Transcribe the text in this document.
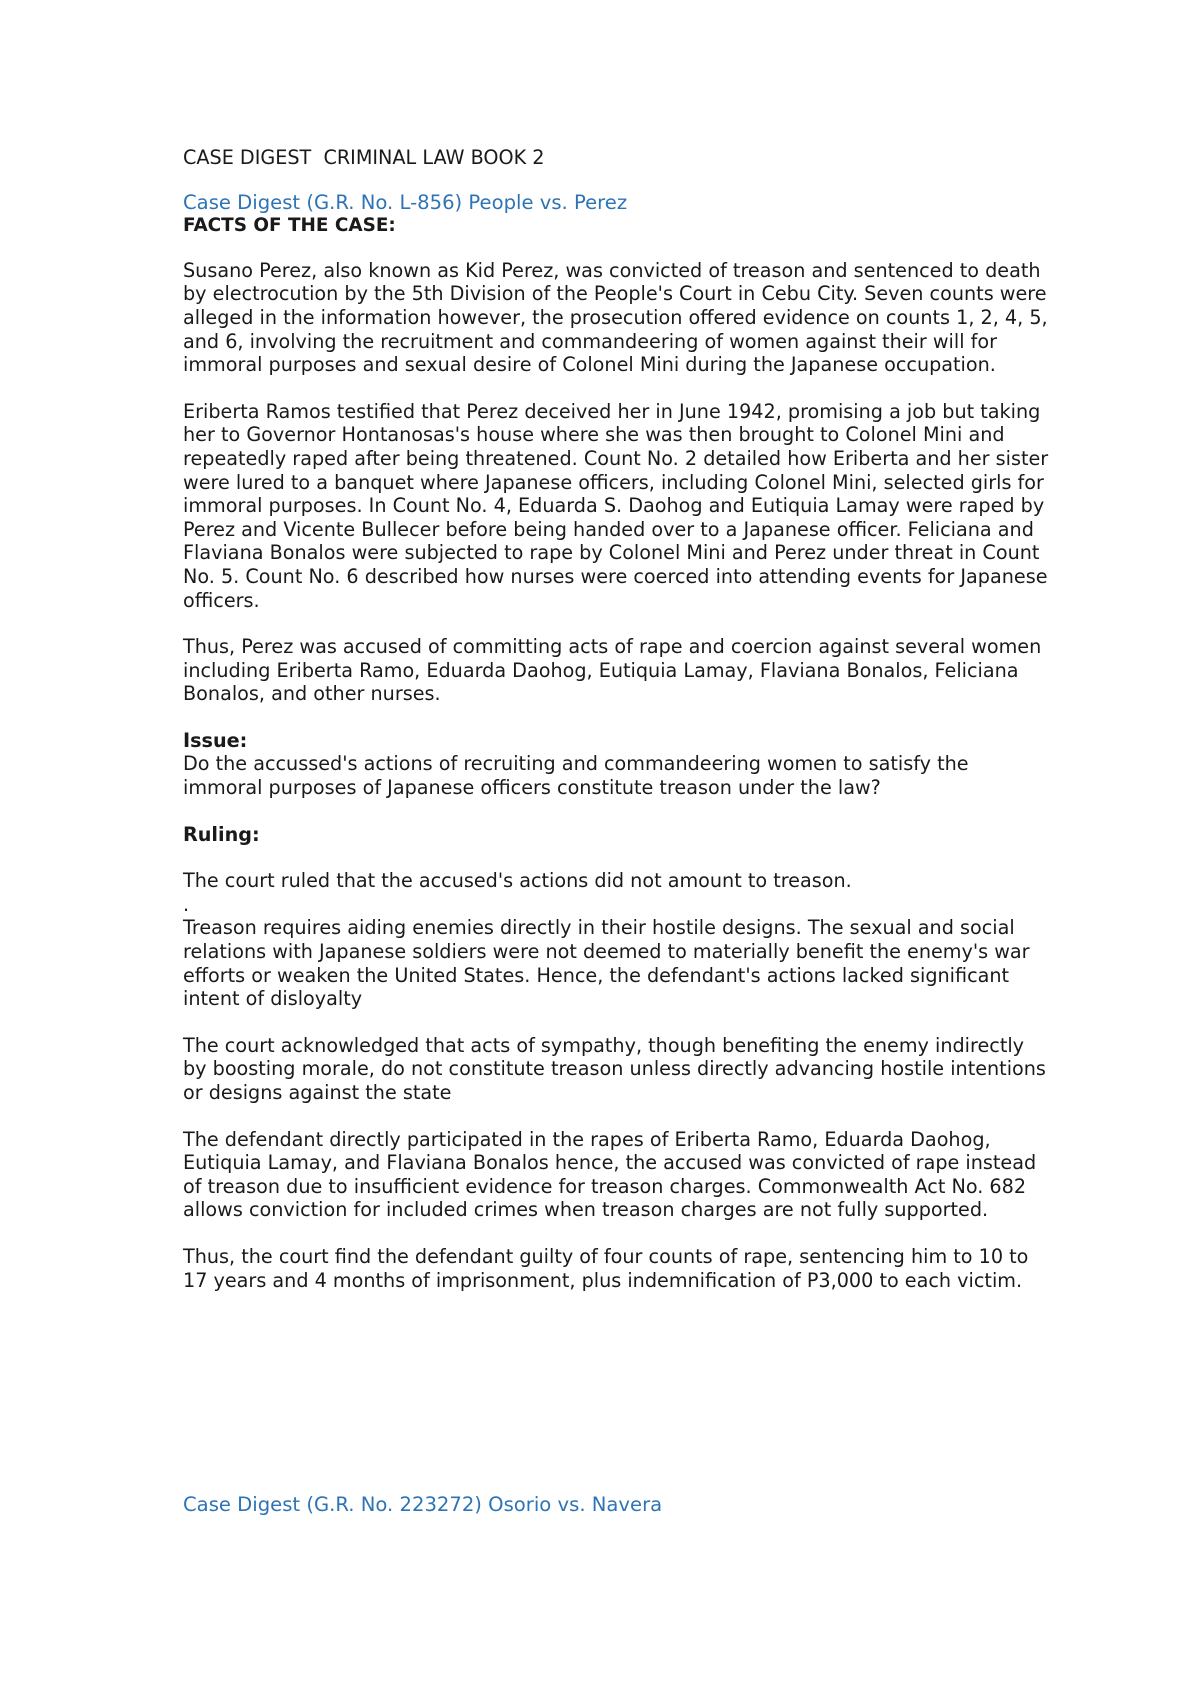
CASE DIGEST  CRIMINAL LAW BOOK 2
Case Digest (G.R. No. L-856) People vs. Perez
FACTS OF THE CASE:

Susano Perez, also known as Kid Perez, was convicted of treason and sentenced to death by electrocution by the 5th Division of the People's Court in Cebu City. Seven counts were alleged in the information however, the prosecution offered evidence on counts 1, 2, 4, 5, and 6, involving the recruitment and commandeering of women against their will for immoral purposes and sexual desire of Colonel Mini during the Japanese occupation.

Eriberta Ramos testified that Perez deceived her in June 1942, promising a job but taking her to Governor Hontanosas's house where she was then brought to Colonel Mini and repeatedly raped after being threatened. Count No. 2 detailed how Eriberta and her sister were lured to a banquet where Japanese officers, including Colonel Mini, selected girls for immoral purposes. In Count No. 4, Eduarda S. Daohog and Eutiquia Lamay were raped by Perez and Vicente Bullecer before being handed over to a Japanese officer. Feliciana and Flaviana Bonalos were subjected to rape by Colonel Mini and Perez under threat in Count No. 5. Count No. 6 described how nurses were coerced into attending events for Japanese officers.

Thus, Perez was accused of committing acts of rape and coercion against several women including Eriberta Ramo, Eduarda Daohog, Eutiquia Lamay, Flaviana Bonalos, Feliciana Bonalos, and other nurses.

Issue:

Do the accussed's actions of recruiting and commandeering women to satisfy the immoral purposes of Japanese officers constitute treason under the law?

Ruling:

The court ruled that the accused's actions did not amount to treason.

.

Treason requires aiding enemies directly in their hostile designs. The sexual and social relations with Japanese soldiers were not deemed to materially benefit the enemy's war efforts or weaken the United States. Hence, the defendant's actions lacked significant intent of disloyalty

The court acknowledged that acts of sympathy, though benefiting the enemy indirectly by boosting morale, do not constitute treason unless directly advancing hostile intentions or designs against the state

The defendant directly participated in the rapes of Eriberta Ramo, Eduarda Daohog, Eutiquia Lamay, and Flaviana Bonalos hence, the accused was convicted of rape instead of treason due to insufficient evidence for treason charges. Commonwealth Act No. 682 allows conviction for included crimes when treason charges are not fully supported.

Thus, the court find the defendant guilty of four counts of rape, sentencing him to 10 to 17 years and 4 months of imprisonment, plus indemnification of P3,000 to each victim.

Case Digest (G.R. No. 223272) Osorio vs. Navera
